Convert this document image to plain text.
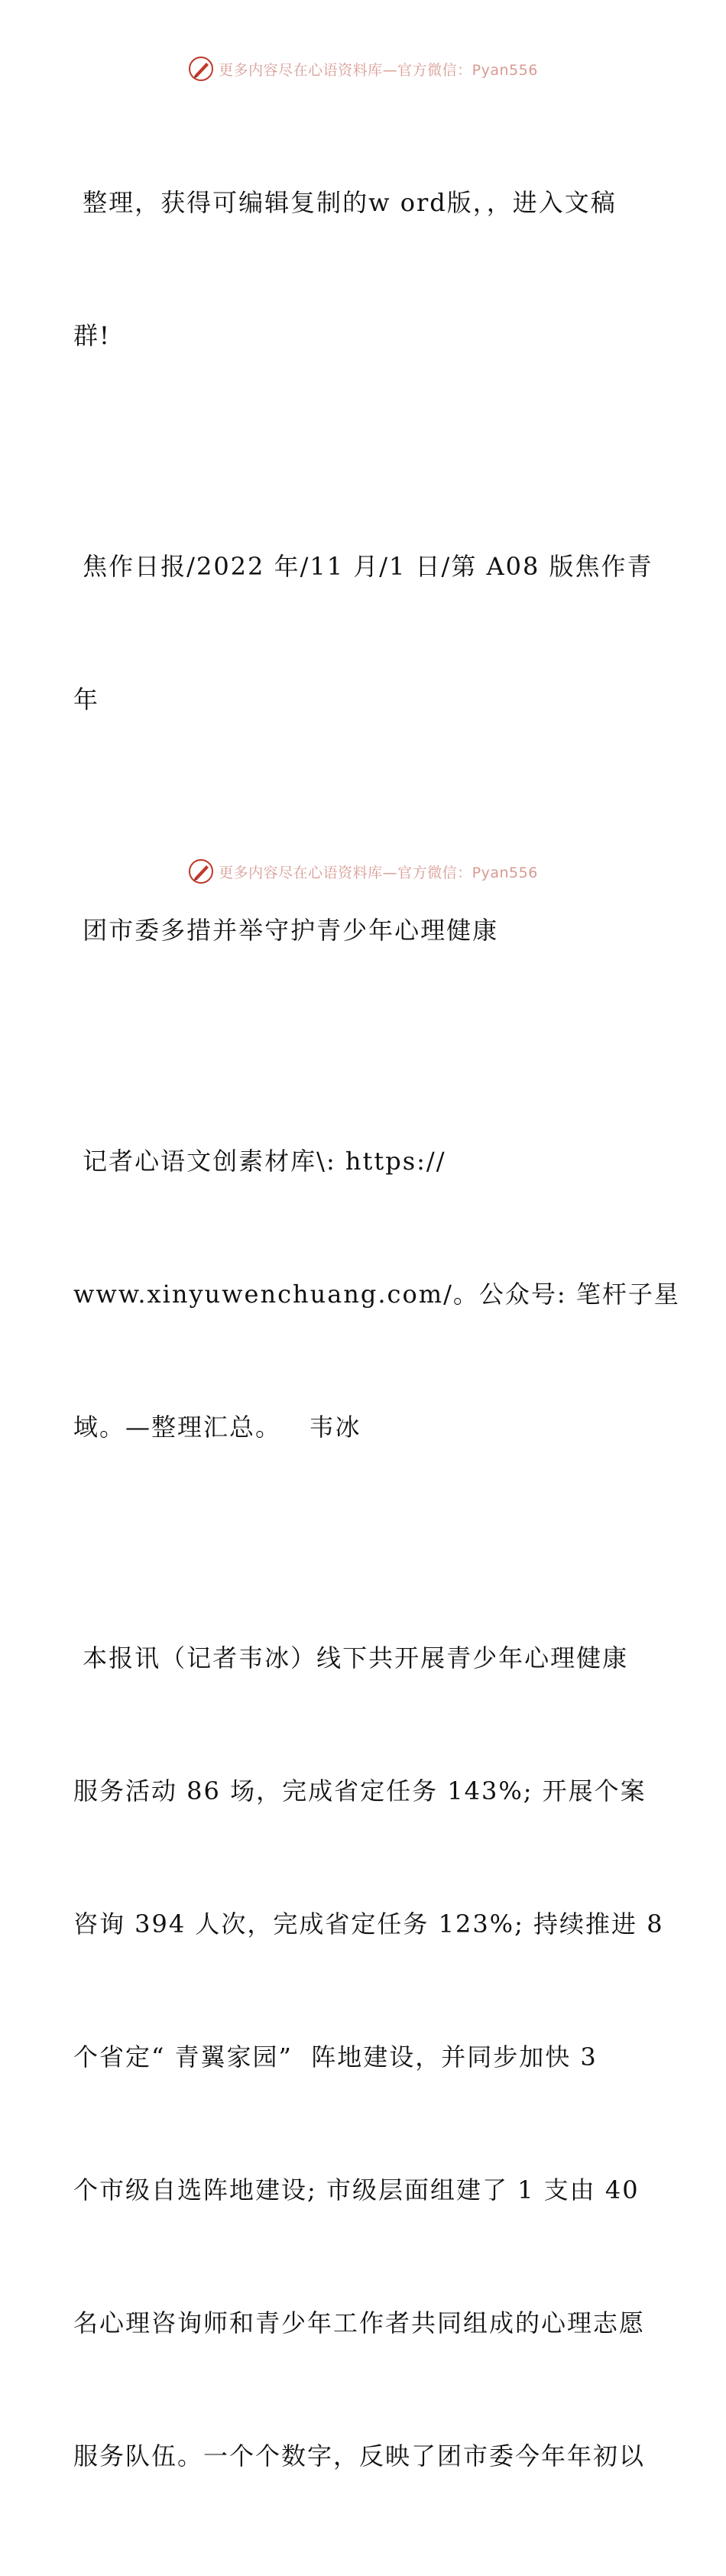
更多内容尽在心语资料库—官方微信：Pyan556

整理，获得可编辑复制的w ord版，，进入文稿

群!

焦作日报/2022 年/11 月/1 日/第 A08 版焦作青

年

团市委多措并举守护青少年心理健康

记者心语文创素材库\: https://

www.xinyuwenchuang.com/。公众号: 笔杆子星

域。—整理汇总。   韦冰

本报讯（记者韦冰）线下共开展青少年心理健康

服务活动 86 场，完成省定任务 143%; 开展个案

咨询 394 人次，完成省定任务 123%; 持续推进 8

个省定“ 青翼家园”  阵地建设，并同步加快 3

个市级自选阵地建设; 市级层面组建了 1 支由 40

名心理咨询师和青少年工作者共同组成的心理志愿

服务队伍。一个个数字，反映了团市委今年年初以

更多内容尽在心语资料库—官方微信：Pyan556
